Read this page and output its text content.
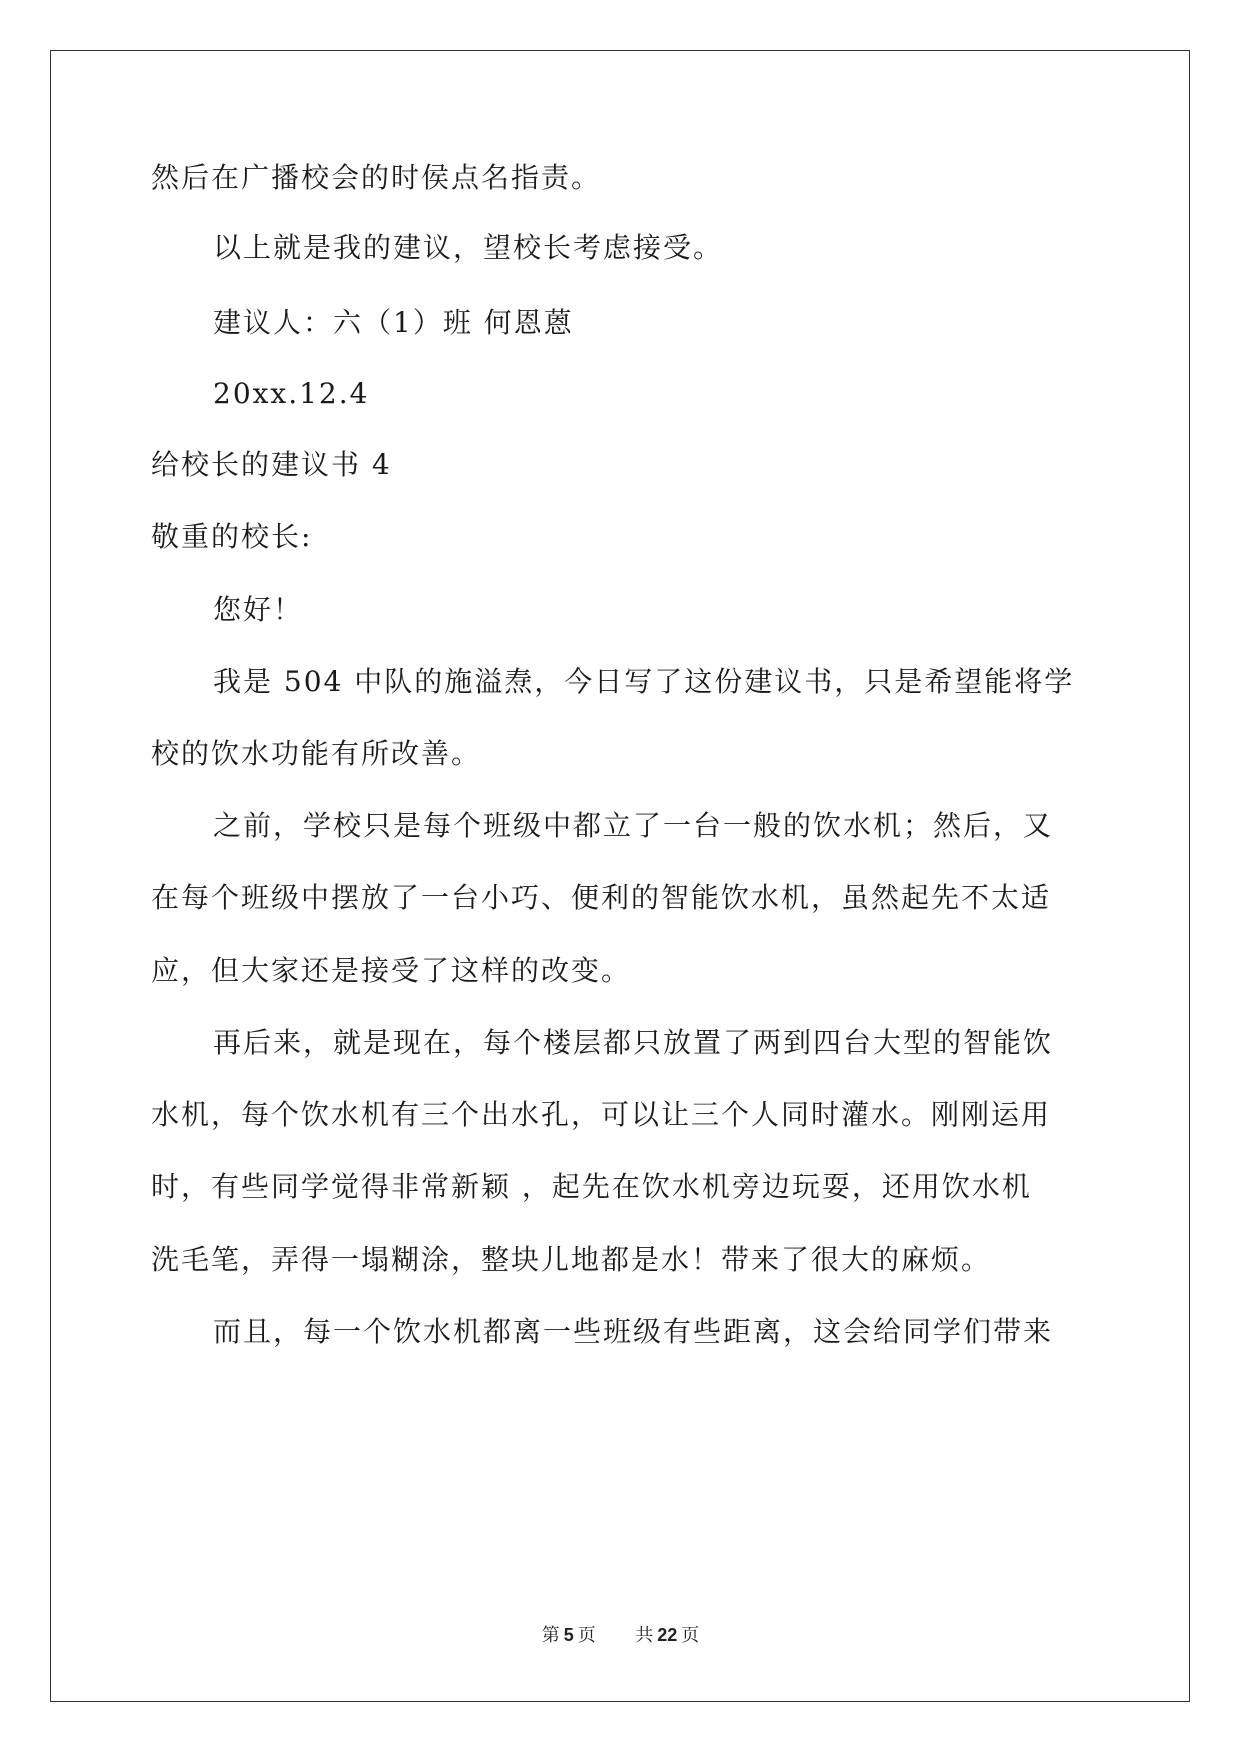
然后在广播校会的时侯点名指责。

以上就是我的建议，望校长考虑接受。

建议人：六（1）班 何恩蒽

20xx.12.4

给校长的建议书 4

敬重的校长:

您好！

我是 504 中队的施溢焘，今日写了这份建议书，只是希望能将学

校的饮水功能有所改善。

之前，学校只是每个班级中都立了一台一般的饮水机；然后，又

在每个班级中摆放了一台小巧、便利的智能饮水机，虽然起先不太适

应，但大家还是接受了这样的改变。

再后来，就是现在，每个楼层都只放置了两到四台大型的智能饮

水机，每个饮水机有三个出水孔，可以让三个人同时灌水。刚刚运用

时，有些同学觉得非常新颖 ，起先在饮水机旁边玩耍，还用饮水机

洗毛笔，弄得一塌糊涂，整块儿地都是水！带来了很大的麻烦。

而且，每一个饮水机都离一些班级有些距离，这会给同学们带来

第 5 页 共 22 页
